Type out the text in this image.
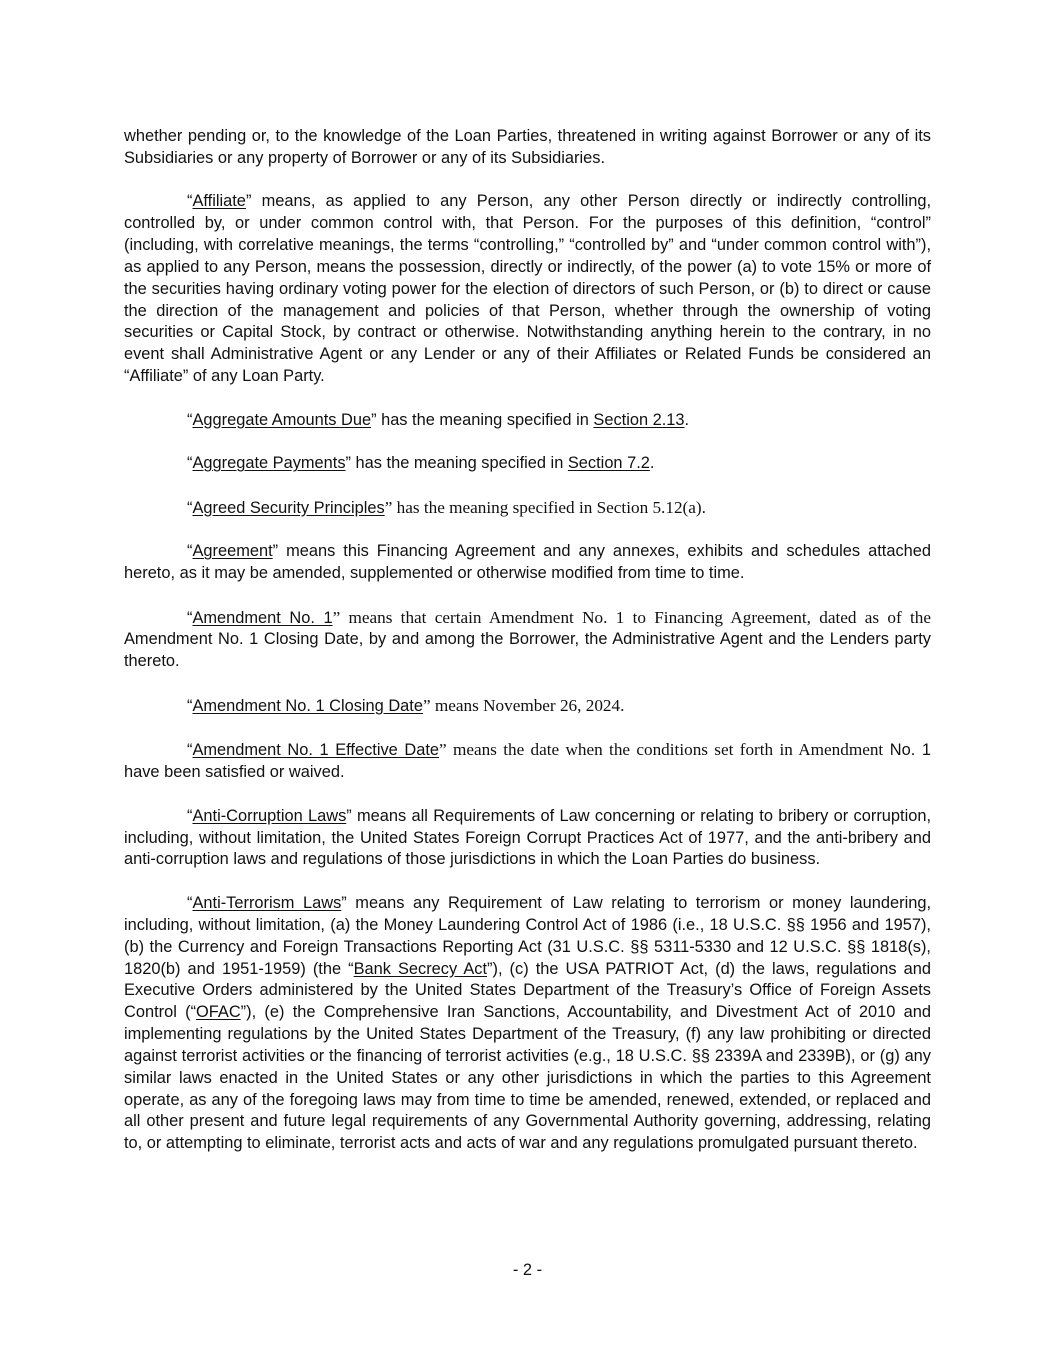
whether pending or, to the knowledge of the Loan Parties, threatened in writing against Borrower or any of its Subsidiaries or any property of Borrower or any of its Subsidiaries.

“Affiliate” means, as applied to any Person, any other Person directly or indirectly controlling, controlled by, or under common control with, that Person. For the purposes of this definition, “control” (including, with correlative meanings, the terms “controlling,” “controlled by” and “under common control with”), as applied to any Person, means the possession, directly or indirectly, of the power (a) to vote 15% or more of the securities having ordinary voting power for the election of directors of such Person, or (b) to direct or cause the direction of the management and policies of that Person, whether through the ownership of voting securities or Capital Stock, by contract or otherwise. Notwithstanding anything herein to the contrary, in no event shall Administrative Agent or any Lender or any of their Affiliates or Related Funds be considered an “Affiliate” of any Loan Party.

“Aggregate Amounts Due” has the meaning specified in Section 2.13.

“Aggregate Payments” has the meaning specified in Section 7.2.

“Agreed Security Principles” has the meaning specified in Section 5.12(a).

“Agreement” means this Financing Agreement and any annexes, exhibits and schedules attached hereto, as it may be amended, supplemented or otherwise modified from time to time.

“Amendment No. 1” means that certain Amendment No. 1 to Financing Agreement, dated as of the Amendment No. 1 Closing Date, by and among the Borrower, the Administrative Agent and the Lenders party thereto.

“Amendment No. 1 Closing Date” means November 26, 2024.

“Amendment No. 1 Effective Date” means the date when the conditions set forth in Amendment No. 1 have been satisfied or waived.

“Anti-Corruption Laws” means all Requirements of Law concerning or relating to bribery or corruption, including, without limitation, the United States Foreign Corrupt Practices Act of 1977, and the anti-bribery and anti-corruption laws and regulations of those jurisdictions in which the Loan Parties do business.

“Anti-Terrorism Laws” means any Requirement of Law relating to terrorism or money laundering, including, without limitation, (a) the Money Laundering Control Act of 1986 (i.e., 18 U.S.C. §§ 1956 and 1957), (b) the Currency and Foreign Transactions Reporting Act (31 U.S.C. §§ 5311-5330 and 12 U.S.C. §§ 1818(s), 1820(b) and 1951-1959) (the “Bank Secrecy Act”), (c) the USA PATRIOT Act, (d) the laws, regulations and Executive Orders administered by the United States Department of the Treasury’s Office of Foreign Assets Control (“OFAC”), (e) the Comprehensive Iran Sanctions, Accountability, and Divestment Act of 2010 and implementing regulations by the United States Department of the Treasury, (f) any law prohibiting or directed against terrorist activities or the financing of terrorist activities (e.g., 18 U.S.C. §§ 2339A and 2339B), or (g) any similar laws enacted in the United States or any other jurisdictions in which the parties to this Agreement operate, as any of the foregoing laws may from time to time be amended, renewed, extended, or replaced and all other present and future legal requirements of any Governmental Authority governing, addressing, relating to, or attempting to eliminate, terrorist acts and acts of war and any regulations promulgated pursuant thereto.

- 2 -
